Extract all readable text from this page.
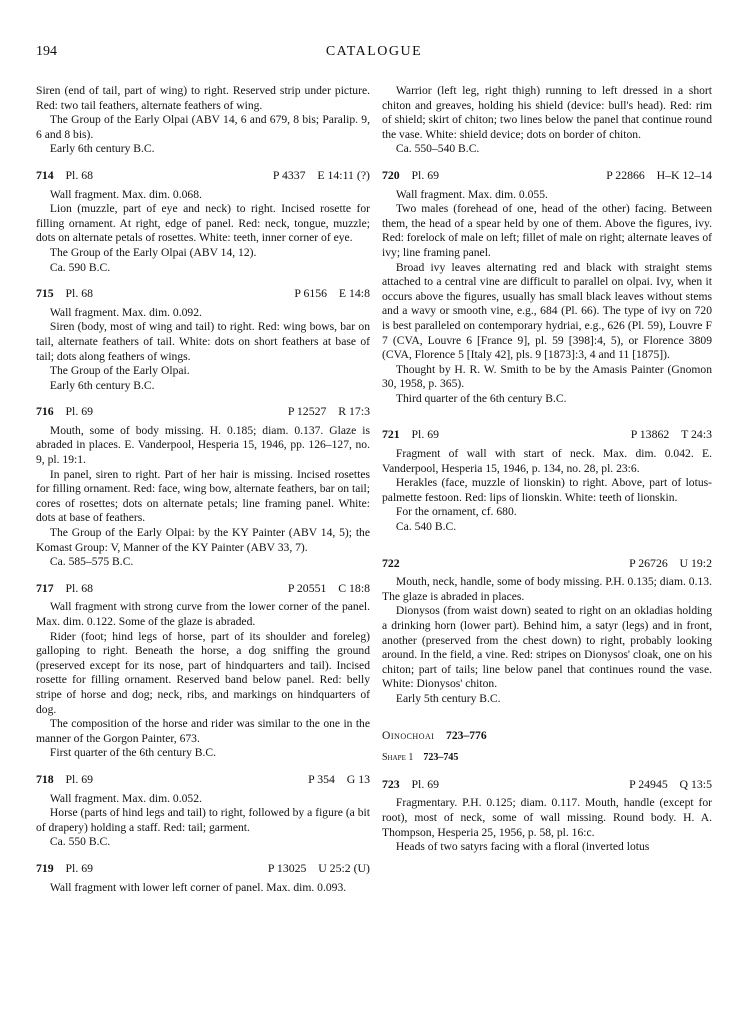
194	CATALOGUE

Siren (end of tail, part of wing) to right. Reserved strip under picture. Red: two tail feathers, alternate feathers of wing.

The Group of the Early Olpai (ABV 14, 6 and 679, 8 bis; Paralip. 9, 6 and 8 bis).

Early 6th century B.C.

714  Pl. 68	P 4337  E 14:11 (?)

Wall fragment. Max. dim. 0.068.

Lion (muzzle, part of eye and neck) to right. Incised rosette for filling ornament. At right, edge of panel. Red: neck, tongue, muzzle; dots on alternate petals of rosettes. White: teeth, inner corner of eye.

The Group of the Early Olpai (ABV 14, 12).

Ca. 590 B.C.

715  Pl. 68	P 6156  E 14:8

Wall fragment. Max. dim. 0.092.

Siren (body, most of wing and tail) to right. Red: wing bows, bar on tail, alternate feathers of tail. White: dots on short feathers at base of tail; dots along feathers of wings.

The Group of the Early Olpai.

Early 6th century B.C.

716  Pl. 69	P 12527  R 17:3

Mouth, some of body missing. H. 0.185; diam. 0.137. Glaze is abraded in places. E. Vanderpool, Hesperia 15, 1946, pp. 126–127, no. 9, pl. 19:1.

In panel, siren to right. Part of her hair is missing. Incised rosettes for filling ornament. Red: face, wing bow, alternate feathers, bar on tail; cores of rosettes; dots on alternate petals; line framing panel. White: dots at base of feathers.

The Group of the Early Olpai: by the KY Painter (ABV 14, 5); the Komast Group: V, Manner of the KY Painter (ABV 33, 7).

Ca. 585–575 B.C.

717  Pl. 68	P 20551  C 18:8

Wall fragment with strong curve from the lower corner of the panel. Max. dim. 0.122. Some of the glaze is abraded.

Rider (foot; hind legs of horse, part of its shoulder and foreleg) galloping to right. Beneath the horse, a dog sniffing the ground (preserved except for its nose, part of hindquarters and tail). Incised rosette for filling ornament. Reserved band below panel. Red: belly stripe of horse and dog; neck, ribs, and markings on hindquarters of dog.

The composition of the horse and rider was similar to the one in the manner of the Gorgon Painter, 673.

First quarter of the 6th century B.C.

718  Pl. 69	P 354  G 13

Wall fragment. Max. dim. 0.052.

Horse (parts of hind legs and tail) to right, followed by a figure (a bit of drapery) holding a staff. Red: tail; garment.

Ca. 550 B.C.

719  Pl. 69	P 13025  U 25:2 (U)

Wall fragment with lower left corner of panel. Max. dim. 0.093.

Warrior (left leg, right thigh) running to left dressed in a short chiton and greaves, holding his shield (device: bull's head). Red: rim of shield; skirt of chiton; two lines below the panel that continue round the vase. White: shield device; dots on border of chiton.

Ca. 550–540 B.C.

720  Pl. 69	P 22866  H–K 12–14

Wall fragment. Max. dim. 0.055.

Two males (forehead of one, head of the other) facing. Between them, the head of a spear held by one of them. Above the figures, ivy. Red: forelock of male on left; fillet of male on right; alternate leaves of ivy; line framing panel.

Broad ivy leaves alternating red and black with straight stems attached to a central vine are difficult to parallel on olpai. Ivy, when it occurs above the figures, usually has small black leaves without stems and a wavy or smooth vine, e.g., 684 (Pl. 66). The type of ivy on 720 is best paralleled on contemporary hydriai, e.g., 626 (Pl. 59), Louvre F 7 (CVA, Louvre 6 [France 9], pl. 59 [398]:4, 5), or Florence 3809 (CVA, Florence 5 [Italy 42], pls. 9 [1873]:3, 4 and 11 [1875]).

Thought by H. R. W. Smith to be by the Amasis Painter (Gnomon 30, 1958, p. 365).

Third quarter of the 6th century B.C.

721  Pl. 69	P 13862  T 24:3

Fragment of wall with start of neck. Max. dim. 0.042. E. Vanderpool, Hesperia 15, 1946, p. 134, no. 28, pl. 23:6.

Herakles (face, muzzle of lionskin) to right. Above, part of lotus-palmette festoon. Red: lips of lionskin. White: teeth of lionskin.

For the ornament, cf. 680.

Ca. 540 B.C.

722	P 26726  U 19:2

Mouth, neck, handle, some of body missing. P.H. 0.135; diam. 0.13. The glaze is abraded in places.

Dionysos (from waist down) seated to right on an okladias holding a drinking horn (lower part). Behind him, a satyr (legs) and in front, another (preserved from the chest down) to right, probably looking around. In the field, a vine. Red: stripes on Dionysos' cloak, one on his chiton; part of tails; line below panel that continues round the vase. White: Dionysos' chiton.

Early 5th century B.C.

Oinochoai  723–776
Shape 1  723–745
723  Pl. 69	P 24945  Q 13:5

Fragmentary. P.H. 0.125; diam. 0.117. Mouth, handle (except for root), most of neck, some of wall missing. Round body. H. A. Thompson, Hesperia 25, 1956, p. 58, pl. 16:c.

Heads of two satyrs facing with a floral (inverted lotus
